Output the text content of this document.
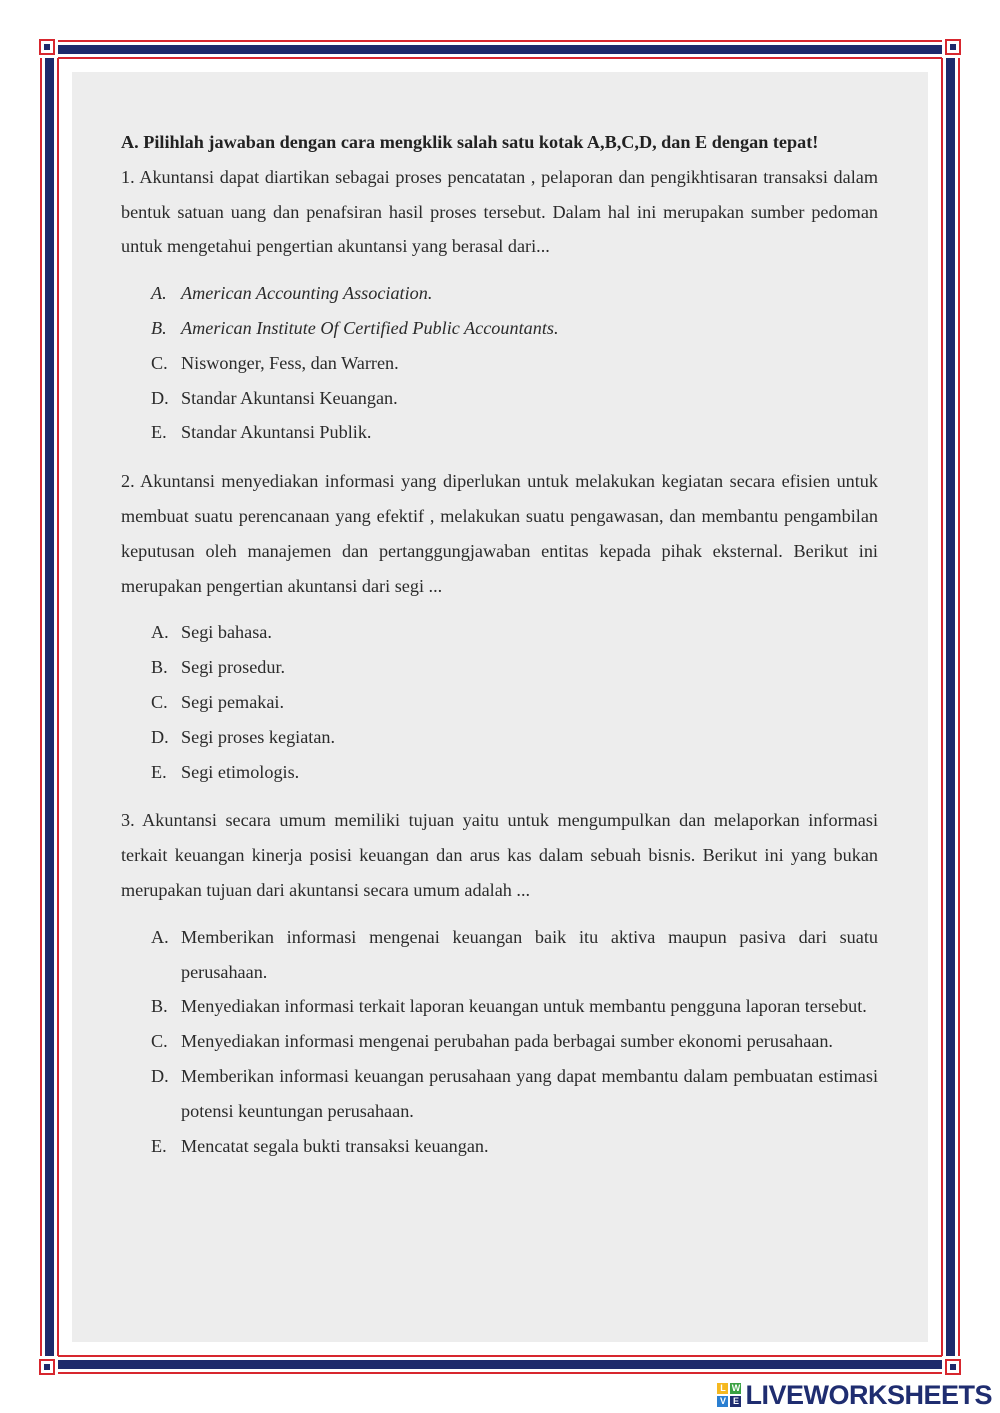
A. Pilihlah jawaban dengan cara mengklik salah satu kotak A,B,C,D, dan E dengan tepat!

1. Akuntansi dapat diartikan sebagai proses pencatatan , pelaporan dan pengikhtisaran transaksi dalam bentuk satuan uang dan penafsiran hasil proses tersebut. Dalam hal ini merupakan sumber pedoman untuk mengetahui pengertian akuntansi yang berasal dari...

A. American Accounting Association.
B. American Institute Of Certified Public Accountants.
C. Niswonger, Fess, dan Warren.
D. Standar Akuntansi Keuangan.
E. Standar Akuntansi Publik.

2. Akuntansi menyediakan informasi yang diperlukan untuk melakukan kegiatan secara efisien untuk membuat suatu perencanaan yang efektif , melakukan suatu pengawasan, dan membantu pengambilan keputusan oleh manajemen dan pertanggungjawaban entitas kepada pihak eksternal. Berikut ini merupakan pengertian akuntansi dari segi ...

A. Segi bahasa.
B. Segi prosedur.
C. Segi pemakai.
D. Segi proses kegiatan.
E. Segi etimologis.

3. Akuntansi secara umum memiliki tujuan yaitu untuk mengumpulkan dan melaporkan informasi terkait keuangan kinerja posisi keuangan dan arus kas dalam sebuah bisnis. Berikut ini yang bukan merupakan tujuan dari akuntansi secara umum adalah ...

A. Memberikan informasi mengenai keuangan baik itu aktiva maupun pasiva dari suatu perusahaan.
B. Menyediakan informasi terkait laporan keuangan untuk membantu pengguna laporan tersebut.
C. Menyediakan informasi mengenai perubahan pada berbagai sumber ekonomi perusahaan.
D. Memberikan informasi keuangan perusahaan yang dapat membantu dalam pembuatan estimasi potensi keuntungan perusahaan.
E. Mencatat segala bukti transaksi keuangan.
L W
V E LIVEWORKSHEETS
